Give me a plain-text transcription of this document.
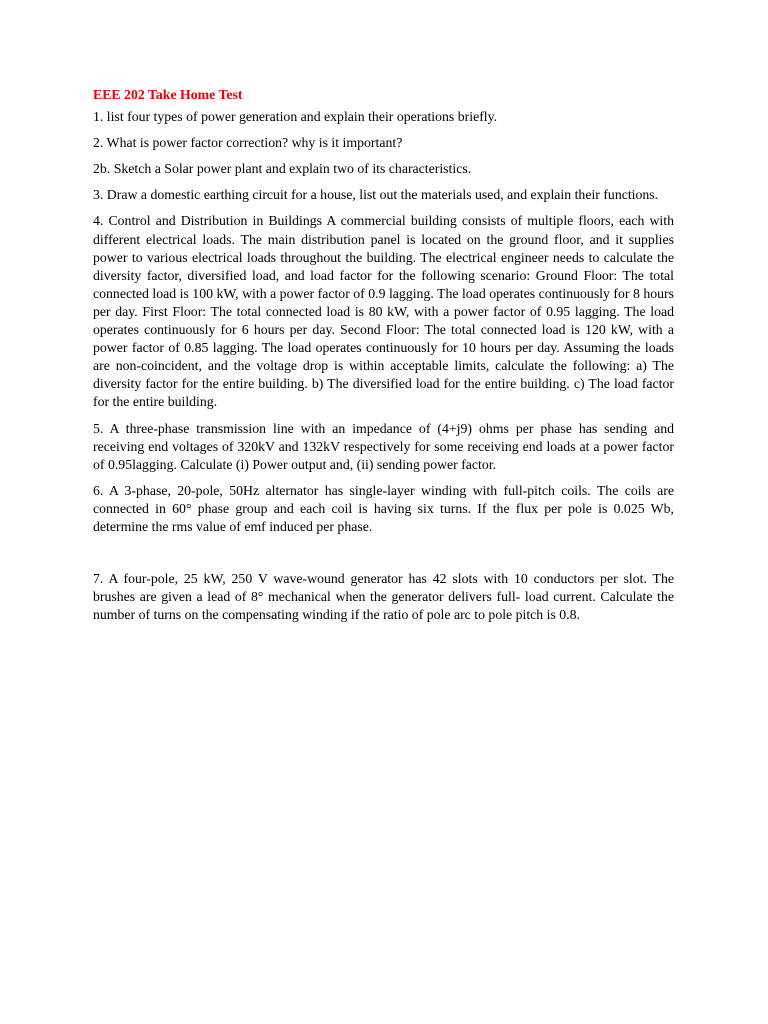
EEE 202 Take Home Test

1. list four types of power generation and explain their operations briefly.

2. What is power factor correction? why is it important?

2b. Sketch a Solar power plant and explain two of its characteristics.

3. Draw a domestic earthing circuit for a house, list out the materials used, and explain their functions.

4. Control and Distribution in Buildings A commercial building consists of multiple floors, each with different electrical loads. The main distribution panel is located on the ground floor, and it supplies power to various electrical loads throughout the building. The electrical engineer needs to calculate the diversity factor, diversified load, and load factor for the following scenario: Ground Floor: The total connected load is 100 kW, with a power factor of 0.9 lagging. The load operates continuously for 8 hours per day. First Floor: The total connected load is 80 kW, with a power factor of 0.95 lagging. The load operates continuously for 6 hours per day. Second Floor: The total connected load is 120 kW, with a power factor of 0.85 lagging. The load operates continuously for 10 hours per day. Assuming the loads are non-coincident, and the voltage drop is within acceptable limits, calculate the following: a) The diversity factor for the entire building. b) The diversified load for the entire building. c) The load factor for the entire building.

5. A three-phase transmission line with an impedance of (4+j9) ohms per phase has sending and receiving end voltages of 320kV and 132kV respectively for some receiving end loads at a power factor of 0.95lagging. Calculate (i) Power output and, (ii) sending power factor.

6. A 3-phase, 20-pole, 50Hz alternator has single-layer winding with full-pitch coils. The coils are connected in 60° phase group and each coil is having six turns. If the flux per pole is 0.025 Wb, determine the rms value of emf induced per phase.

7. A four-pole, 25 kW, 250 V wave-wound generator has 42 slots with 10 conductors per slot. The brushes are given a lead of 8° mechanical when the generator delivers full- load current. Calculate the number of turns on the compensating winding if the ratio of pole arc to pole pitch is 0.8.
